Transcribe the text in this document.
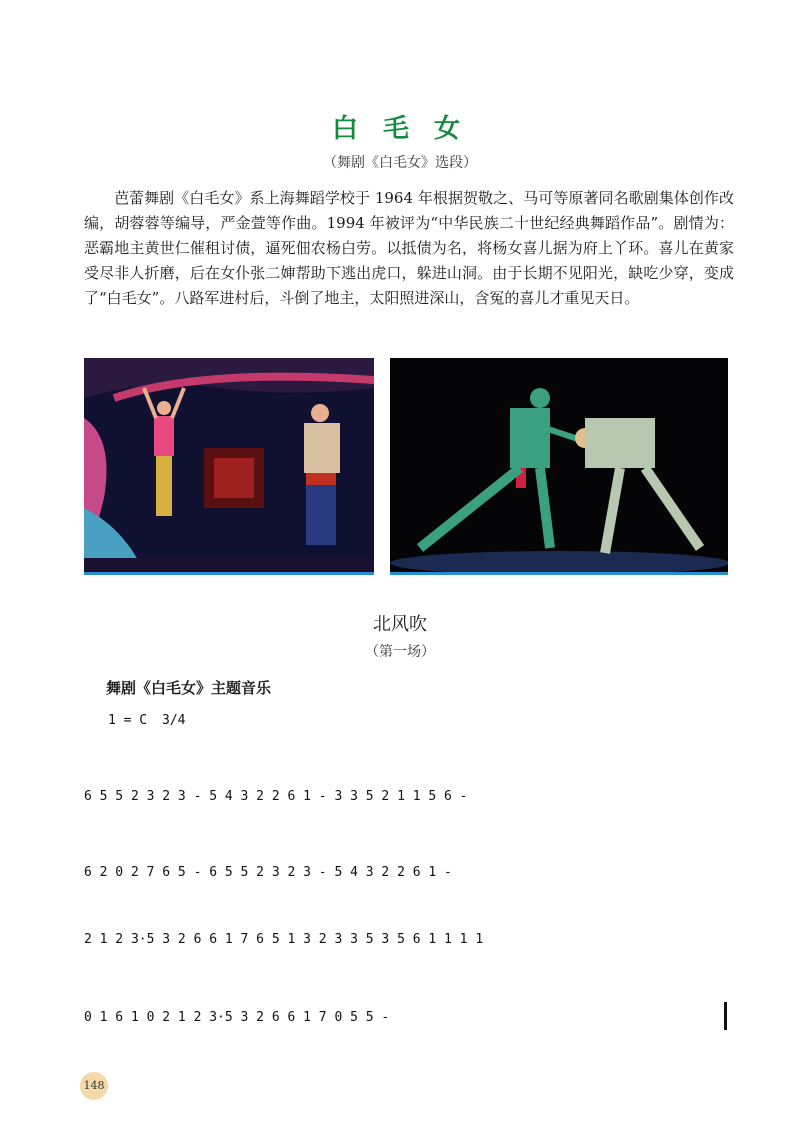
白 毛 女
（舞剧《白毛女》选段）

芭蕾舞剧《白毛女》系上海舞蹈学校于 1964 年根据贺敬之、马可等原著同名歌剧集体创作改编，胡蓉蓉等编导，严金萱等作曲。1994 年被评为“中华民族二十世纪经典舞蹈作品”。剧情为：恶霸地主黄世仁催租讨债，逼死佃农杨白劳。以抵债为名，将杨女喜儿据为府上丫环。喜儿在黄家受尽非人折磨，后在女仆张二婶帮助下逃出虎口，躲进山洞。由于长期不见阳光，缺吃少穿，变成了“白毛女”。八路军进村后，斗倒了地主，太阳照进深山，含冤的喜儿才重见天日。

北风吹
（第一场）
舞剧《白毛女》主题音乐
1 = C 3/4
6 5 5 2 3 2 3 - 5 4 3 2 2 6 1 - 3 3 5 2 1 1 5 6 -
6 2 0 2 7 6 5 - 6 5 5 2 3 2 3 - 5 4 3 2 2 6 1 -
2 1 2 3·5 3 2 6 6 1 7 6 5 1 3 2 3 3 5 3 5 6 1 1 1 1
0 1 6 1 0 2 1 2 3·5 3 2 6 6 1 7 0 5 5 -
148
